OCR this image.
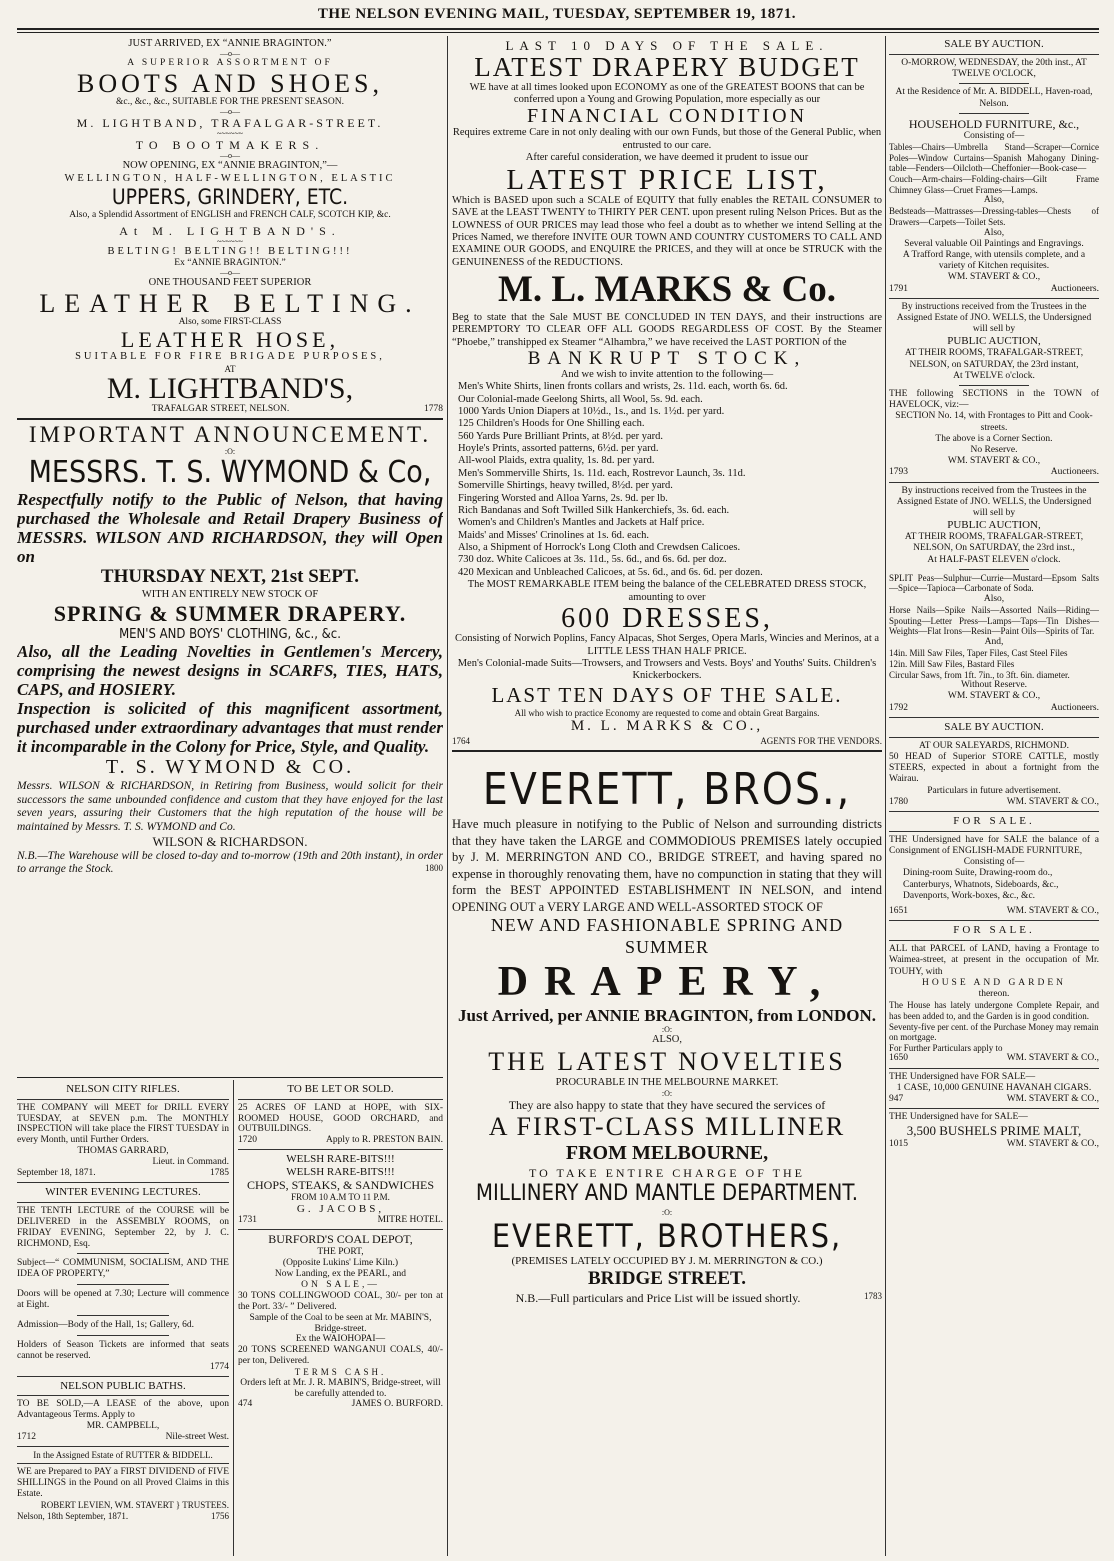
THE NELSON EVENING MAIL, TUESDAY, SEPTEMBER 19, 1871.
JUST ARRIVED, EX “ANNIE BRAGINTON.”
—o—
A SUPERIOR ASSORTMENT OF
BOOTS AND SHOES,
&c., &c., &c., SUITABLE FOR THE PRESENT SEASON.
—o—
M. LIGHTBAND, TRAFALGAR-STREET.
~~~~~~
TO BOOTMAKERS.
—o—
NOW OPENING, EX “ANNIE BRAGINTON,”—
WELLINGTON, HALF-WELLINGTON, ELASTIC
UPPERS, GRINDERY, ETC.
Also, a Splendid Assortment of ENGLISH and FRENCH CALF, SCOTCH KIP, &c.
At M. LIGHTBAND'S.
~~~~~~
BELTING! BELTING!! BELTING!!!
Ex “ANNIE BRAGINTON.”
—o—
ONE THOUSAND FEET SUPERIOR
LEATHER BELTING.
Also, some FIRST-CLASS
LEATHER HOSE,
SUITABLE FOR FIRE BRIGADE PURPOSES,
AT
M. LIGHTBAND'S,
TRAFALGAR STREET, NELSON.	1778
IMPORTANT ANNOUNCEMENT.
:O:
MESSRS. T. S. WYMOND & Co,
Respectfully notify to the Public of Nelson, that having purchased the Wholesale and Retail Drapery Business of MESSRS. WILSON AND RICHARDSON, they will Open on
THURSDAY NEXT, 21st SEPT.
WITH AN ENTIRELY NEW STOCK OF
SPRING & SUMMER DRAPERY.
MEN'S AND BOYS' CLOTHING, &c., &c.
Also, all the Leading Novelties in Gentlemen's Mercery, comprising the newest designs in SCARFS, TIES, HATS, CAPS, and HOSIERY.
Inspection is solicited of this magnificent assortment, purchased under extraordinary advantages that must render it incomparable in the Colony for Price, Style, and Quality.
T. S. WYMOND & CO.
Messrs. WILSON & RICHARDSON, in Retiring from Business, would solicit for their successors the same unbounded confidence and custom that they have enjoyed for the last seven years, assuring their Customers that the high reputation of the house will be maintained by Messrs. T. S. WYMOND and Co.
WILSON & RICHARDSON.
N.B.—The Warehouse will be closed to-day and to-morrow (19th and 20th instant), in order to arrange the Stock.	1800
NELSON CITY RIFLES.
THE COMPANY will MEET for DRILL EVERY TUESDAY, at SEVEN p.m. The MONTHLY INSPECTION will take place the FIRST TUESDAY in every Month, until Further Orders.
THOMAS GARRARD,
Lieut. in Command.
September 18, 1871.	1785
WINTER EVENING LECTURES.
THE TENTH LECTURE of the COURSE will be DELIVERED in the ASSEMBLY ROOMS, on FRIDAY EVENING, September 22, by J. C. RICHMOND, Esq.
Subject—“ COMMUNISM, SOCIALISM, AND THE IDEA OF PROPERTY,”
Doors will be opened at 7.30; Lecture will commence at Eight.
Admission—Body of the Hall, 1s; Gallery, 6d.
Holders of Season Tickets are informed that seats cannot be reserved.
1774
NELSON PUBLIC BATHS.
TO BE SOLD,—A LEASE of the above, upon Advantageous Terms. Apply to
MR. CAMPBELL,
1712	Nile-street West.
In the Assigned Estate of RUTTER & BIDDELL.
WE are Prepared to PAY a FIRST DIVIDEND of FIVE SHILLINGS in the Pound on all Proved Claims in this Estate.
ROBERT LEVIEN, WM. STAVERT } TRUSTEES.
Nelson, 18th September, 1871.	1756
TO BE LET OR SOLD.
25 ACRES OF LAND at HOPE, with SIX-ROOMED HOUSE, GOOD ORCHARD, and OUTBUILDINGS.
1720	Apply to R. PRESTON BAIN.
WELSH RARE-BITS!!!
WELSH RARE-BITS!!!
CHOPS, STEAKS, & SANDWICHES
FROM 10 A.M TO 11 P.M.
G. JACOBS,
1731	MITRE HOTEL.
BURFORD'S COAL DEPOT,
THE PORT,
(Opposite Lukins' Lime Kiln.)
Now Landing, ex the PEARL, and
ON SALE,—
30 TONS COLLINGWOOD COAL, 30/- per ton at the Port. 33/- ” Delivered.
Sample of the Coal to be seen at Mr. MABIN'S, Bridge-street.
Ex the WAIOHOPAI—
20 TONS SCREENED WANGANUI COALS, 40/- per ton, Delivered.
TERMS CASH.
Orders left at Mr. J. R. MABIN'S, Bridge-street, will be carefully attended to.
474	JAMES O. BURFORD.
LAST 10 DAYS OF THE SALE.
LATEST DRAPERY BUDGET
WE have at all times looked upon ECONOMY as one of the GREATEST BOONS that can be conferred upon a Young and Growing Population, more especially as our
FINANCIAL CONDITION
Requires extreme Care in not only dealing with our own Funds, but those of the General Public, when entrusted to our care.
After careful consideration, we have deemed it prudent to issue our
LATEST PRICE LIST,
Which is BASED upon such a SCALE of EQUITY that fully enables the RETAIL CONSUMER to SAVE at the LEAST TWENTY to THIRTY PER CENT. upon present ruling Nelson Prices. But as the LOWNESS of OUR PRICES may lead those who feel a doubt as to whether we intend Selling at the Prices Named, we therefore INVITE OUR TOWN AND COUNTRY CUSTOMERS TO CALL AND EXAMINE OUR GOODS, and ENQUIRE the PRICES, and they will at once be STRUCK with the GENUINENESS of the REDUCTIONS.
M. L. MARKS & Co.
Beg to state that the Sale MUST BE CONCLUDED IN TEN DAYS, and their instructions are PEREMPTORY TO CLEAR OFF ALL GOODS REGARDLESS OF COST. By the Steamer “Phoebe,” transhipped ex Steamer “Alhambra,” we have received the LAST PORTION of the
BANKRUPT STOCK,
And we wish to invite attention to the following—
Men's White Shirts, linen fronts collars and wrists, 2s. 11d. each, worth 6s. 6d.
Our Colonial-made Geelong Shirts, all Wool, 5s. 9d. each.
1000 Yards Union Diapers at 10½d., 1s., and 1s. 1½d. per yard.
125 Children's Hoods for One Shilling each.
560 Yards Pure Brilliant Prints, at 8½d. per yard.
Hoyle's Prints, assorted patterns, 6½d. per yard.
All-wool Plaids, extra quality, 1s. 8d. per yard.
Men's Sommerville Shirts, 1s. 11d. each, Rostrevor Launch, 3s. 11d.
Somerville Shirtings, heavy twilled, 8½d. per yard.
Fingering Worsted and Alloa Yarns, 2s. 9d. per lb.
Rich Bandanas and Soft Twilled Silk Hankerchiefs, 3s. 6d. each.
Women's and Children's Mantles and Jackets at Half price.
Maids' and Misses' Crinolines at 1s. 6d. each.
Also, a Shipment of Horrock's Long Cloth and Crewdsen Calicoes.
730 doz. White Calicoes at 3s. 11d., 5s. 6d., and 6s. 6d. per doz.
420 Mexican and Unbleached Calicoes, at 5s. 6d., and 6s. 6d. per dozen.
The MOST REMARKABLE ITEM being the balance of the CELEBRATED DRESS STOCK, amounting to over
600 DRESSES,
Consisting of Norwich Poplins, Fancy Alpacas, Shot Serges, Opera Marls, Wincies and Merinos, at a LITTLE LESS THAN HALF PRICE.
Men's Colonial-made Suits—Trowsers, and Trowsers and Vests. Boys' and Youths' Suits. Children's Knickerbockers.
LAST TEN DAYS OF THE SALE.
All who wish to practice Economy are requested to come and obtain Great Bargains.
M. L. MARKS & CO.,
1764	AGENTS FOR THE VENDORS.
EVERETT, BROS.,
Have much pleasure in notifying to the Public of Nelson and surrounding districts that they have taken the LARGE and COMMODIOUS PREMISES lately occupied by J. M. MERRINGTON AND CO., BRIDGE STREET, and having spared no expense in thoroughly renovating them, have no compunction in stating that they will form the BEST APPOINTED ESTABLISHMENT IN NELSON, and intend OPENING OUT a VERY LARGE AND WELL-ASSORTED STOCK OF
NEW AND FASHIONABLE SPRING AND SUMMER
DRAPERY,
Just Arrived, per ANNIE BRAGINTON, from LONDON.
:O:
ALSO,
THE LATEST NOVELTIES
PROCURABLE IN THE MELBOURNE MARKET.
:O:
They are also happy to state that they have secured the services of
A FIRST-CLASS MILLINER
FROM MELBOURNE,
TO TAKE ENTIRE CHARGE OF THE
MILLINERY AND MANTLE DEPARTMENT.
:O:
EVERETT, BROTHERS,
(PREMISES LATELY OCCUPIED BY J. M. MERRINGTON & CO.)
BRIDGE STREET.
N.B.—Full particulars and Price List will be issued shortly.	1783
SALE BY AUCTION.
O-MORROW, WEDNESDAY, the 20th inst., AT TWELVE O'CLOCK,
At the Residence of Mr. A. BIDDELL, Haven-road, Nelson.
HOUSEHOLD FURNITURE, &c.,
Consisting of—
Tables—Chairs—Umbrella Stand—Scraper—Cornice Poles—Window Curtains—Spanish Mahogany Dining-table—Fenders—Oilcloth—Cheffonier—Book-case—Couch—Arm-chairs—Folding-chairs—Gilt Frame Chimney Glass—Cruet Frames—Lamps.
Also,
Bedsteads—Mattrasses—Dressing-tables—Chests of Drawers—Carpets—Toilet Sets.
Also,
Several valuable Oil Paintings and Engravings.
A Trafford Range, with utensils complete, and a variety of Kitchen requisites.
WM. STAVERT & CO.,
1791	Auctioneers.
By instructions received from the Trustees in the Assigned Estate of JNO. WELLS, the Undersigned will sell by
PUBLIC AUCTION,
AT THEIR ROOMS, TRAFALGAR-STREET, NELSON, on SATURDAY, the 23rd instant,
At TWELVE o'clock.
THE following SECTIONS in the TOWN of HAVELOCK, viz:—
SECTION No. 14, with Frontages to Pitt and Cook-streets.
The above is a Corner Section.
No Reserve.
WM. STAVERT & CO.,
1793	Auctioneers.
By instructions received from the Trustees in the Assigned Estate of JNO. WELLS, the Undersigned will sell by
PUBLIC AUCTION,
AT THEIR ROOMS, TRAFALGAR-STREET, NELSON, On SATURDAY, the 23rd inst.,
At HALF-PAST ELEVEN o'clock.
SPLIT Peas—Sulphur—Currie—Mustard—Epsom Salts—Spice—Tapioca—Carbonate of Soda.
Also,
Horse Nails—Spike Nails—Assorted Nails—Riding—Spouting—Letter Press—Lamps—Taps—Tin Dishes—Weights—Flat Irons—Resin—Paint Oils—Spirits of Tar.
And,
14in. Mill Saw Files, Taper Files, Cast Steel Files
12in. Mill Saw Files, Bastard Files
Circular Saws, from 1ft. 7in., to 3ft. 6in. diameter.
Without Reserve.
WM. STAVERT & CO.,
1792	Auctioneers.
SALE BY AUCTION.
AT OUR SALEYARDS, RICHMOND.
50 HEAD of Superior STORE CATTLE, mostly STEERS, expected in about a fortnight from the Wairau.
Particulars in future advertisement.
1780	WM. STAVERT & CO.,
FOR SALE.
THE Undersigned have for SALE the balance of a Consignment of ENGLISH-MADE FURNITURE,
Consisting of—
Dining-room Suite, Drawing-room do., Canterburys, Whatnots, Sideboards, &c., Davenports, Work-boxes, &c., &c.
1651	WM. STAVERT & CO.,
FOR SALE.
ALL that PARCEL of LAND, having a Frontage to Waimea-street, at present in the occupation of Mr. TOUHY, with
HOUSE AND GARDEN
thereon.
The House has lately undergone Complete Repair, and has been added to, and the Garden is in good condition.
Seventy-five per cent. of the Purchase Money may remain on mortgage.
For Further Particulars apply to
1650	WM. STAVERT & CO.,
THE Undersigned have FOR SALE—
1 CASE, 10,000 GENUINE HAVANAH CIGARS.
947	WM. STAVERT & CO.,
THE Undersigned have for SALE—
3,500 BUSHELS PRIME MALT,
1015	WM. STAVERT & CO.,
